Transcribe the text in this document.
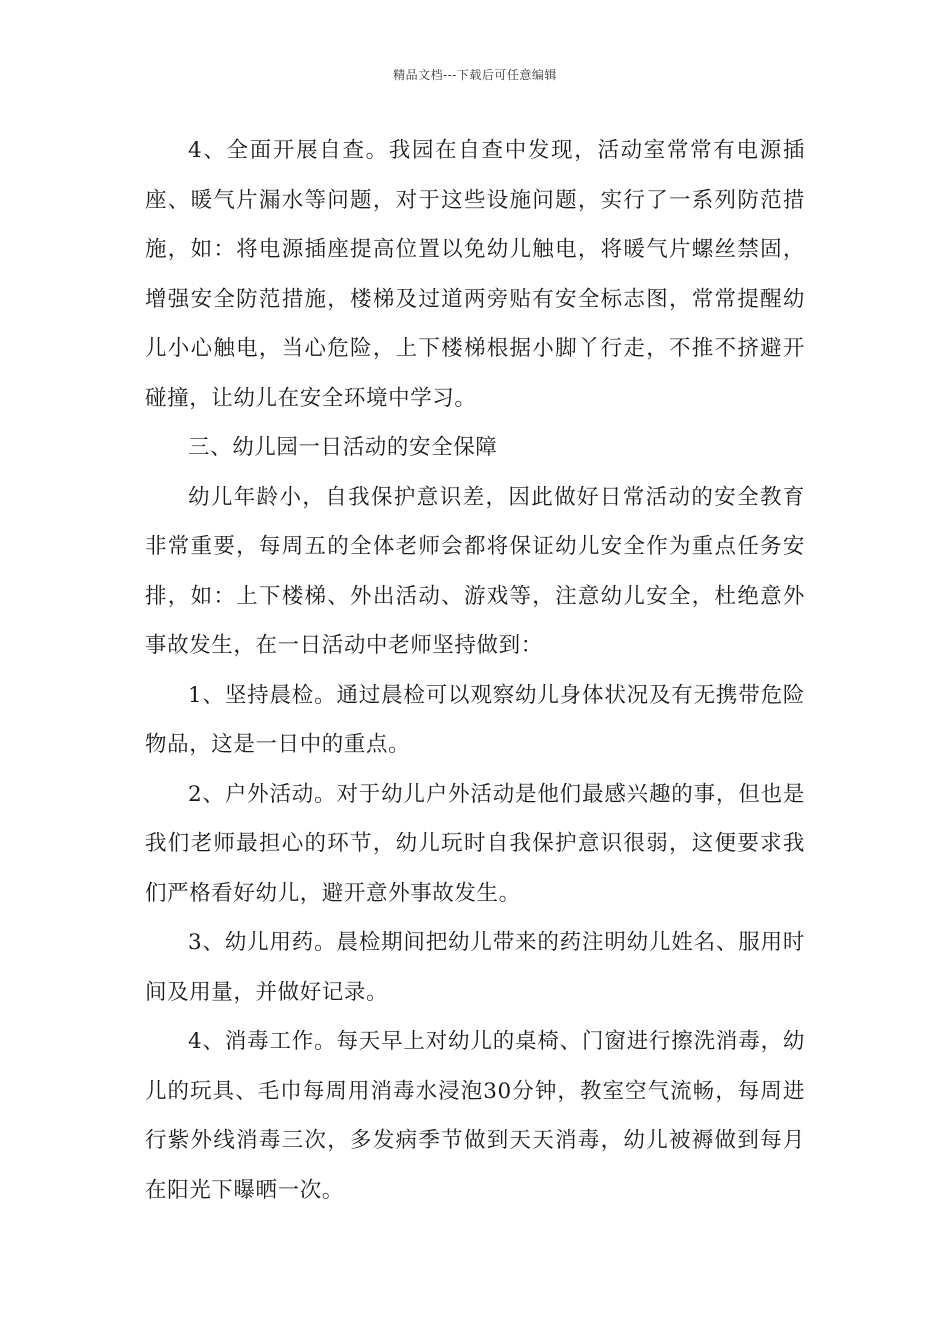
精品文档---下载后可任意编辑

4、全面开展自查。我园在自查中发现，活动室常常有电源插座、暖气片漏水等问题，对于这些设施问题，实行了一系列防范措施，如：将电源插座提高位置以免幼儿触电，将暖气片螺丝禁固，增强安全防范措施，楼梯及过道两旁贴有安全标志图，常常提醒幼儿小心触电，当心危险，上下楼梯根据小脚丫行走，不推不挤避开碰撞，让幼儿在安全环境中学习。

三、幼儿园一日活动的安全保障

幼儿年龄小，自我保护意识差，因此做好日常活动的安全教育非常重要，每周五的全体老师会都将保证幼儿安全作为重点任务安排，如：上下楼梯、外出活动、游戏等，注意幼儿安全，杜绝意外事故发生，在一日活动中老师坚持做到：

1、坚持晨检。通过晨检可以观察幼儿身体状况及有无携带危险物品，这是一日中的重点。

2、户外活动。对于幼儿户外活动是他们最感兴趣的事，但也是我们老师最担心的环节，幼儿玩时自我保护意识很弱，这便要求我们严格看好幼儿，避开意外事故发生。

3、幼儿用药。晨检期间把幼儿带来的药注明幼儿姓名、服用时间及用量，并做好记录。

4、消毒工作。每天早上对幼儿的桌椅、门窗进行擦洗消毒，幼儿的玩具、毛巾每周用消毒水浸泡30分钟，教室空气流畅，每周进行紫外线消毒三次，多发病季节做到天天消毒，幼儿被褥做到每月在阳光下曝晒一次。
